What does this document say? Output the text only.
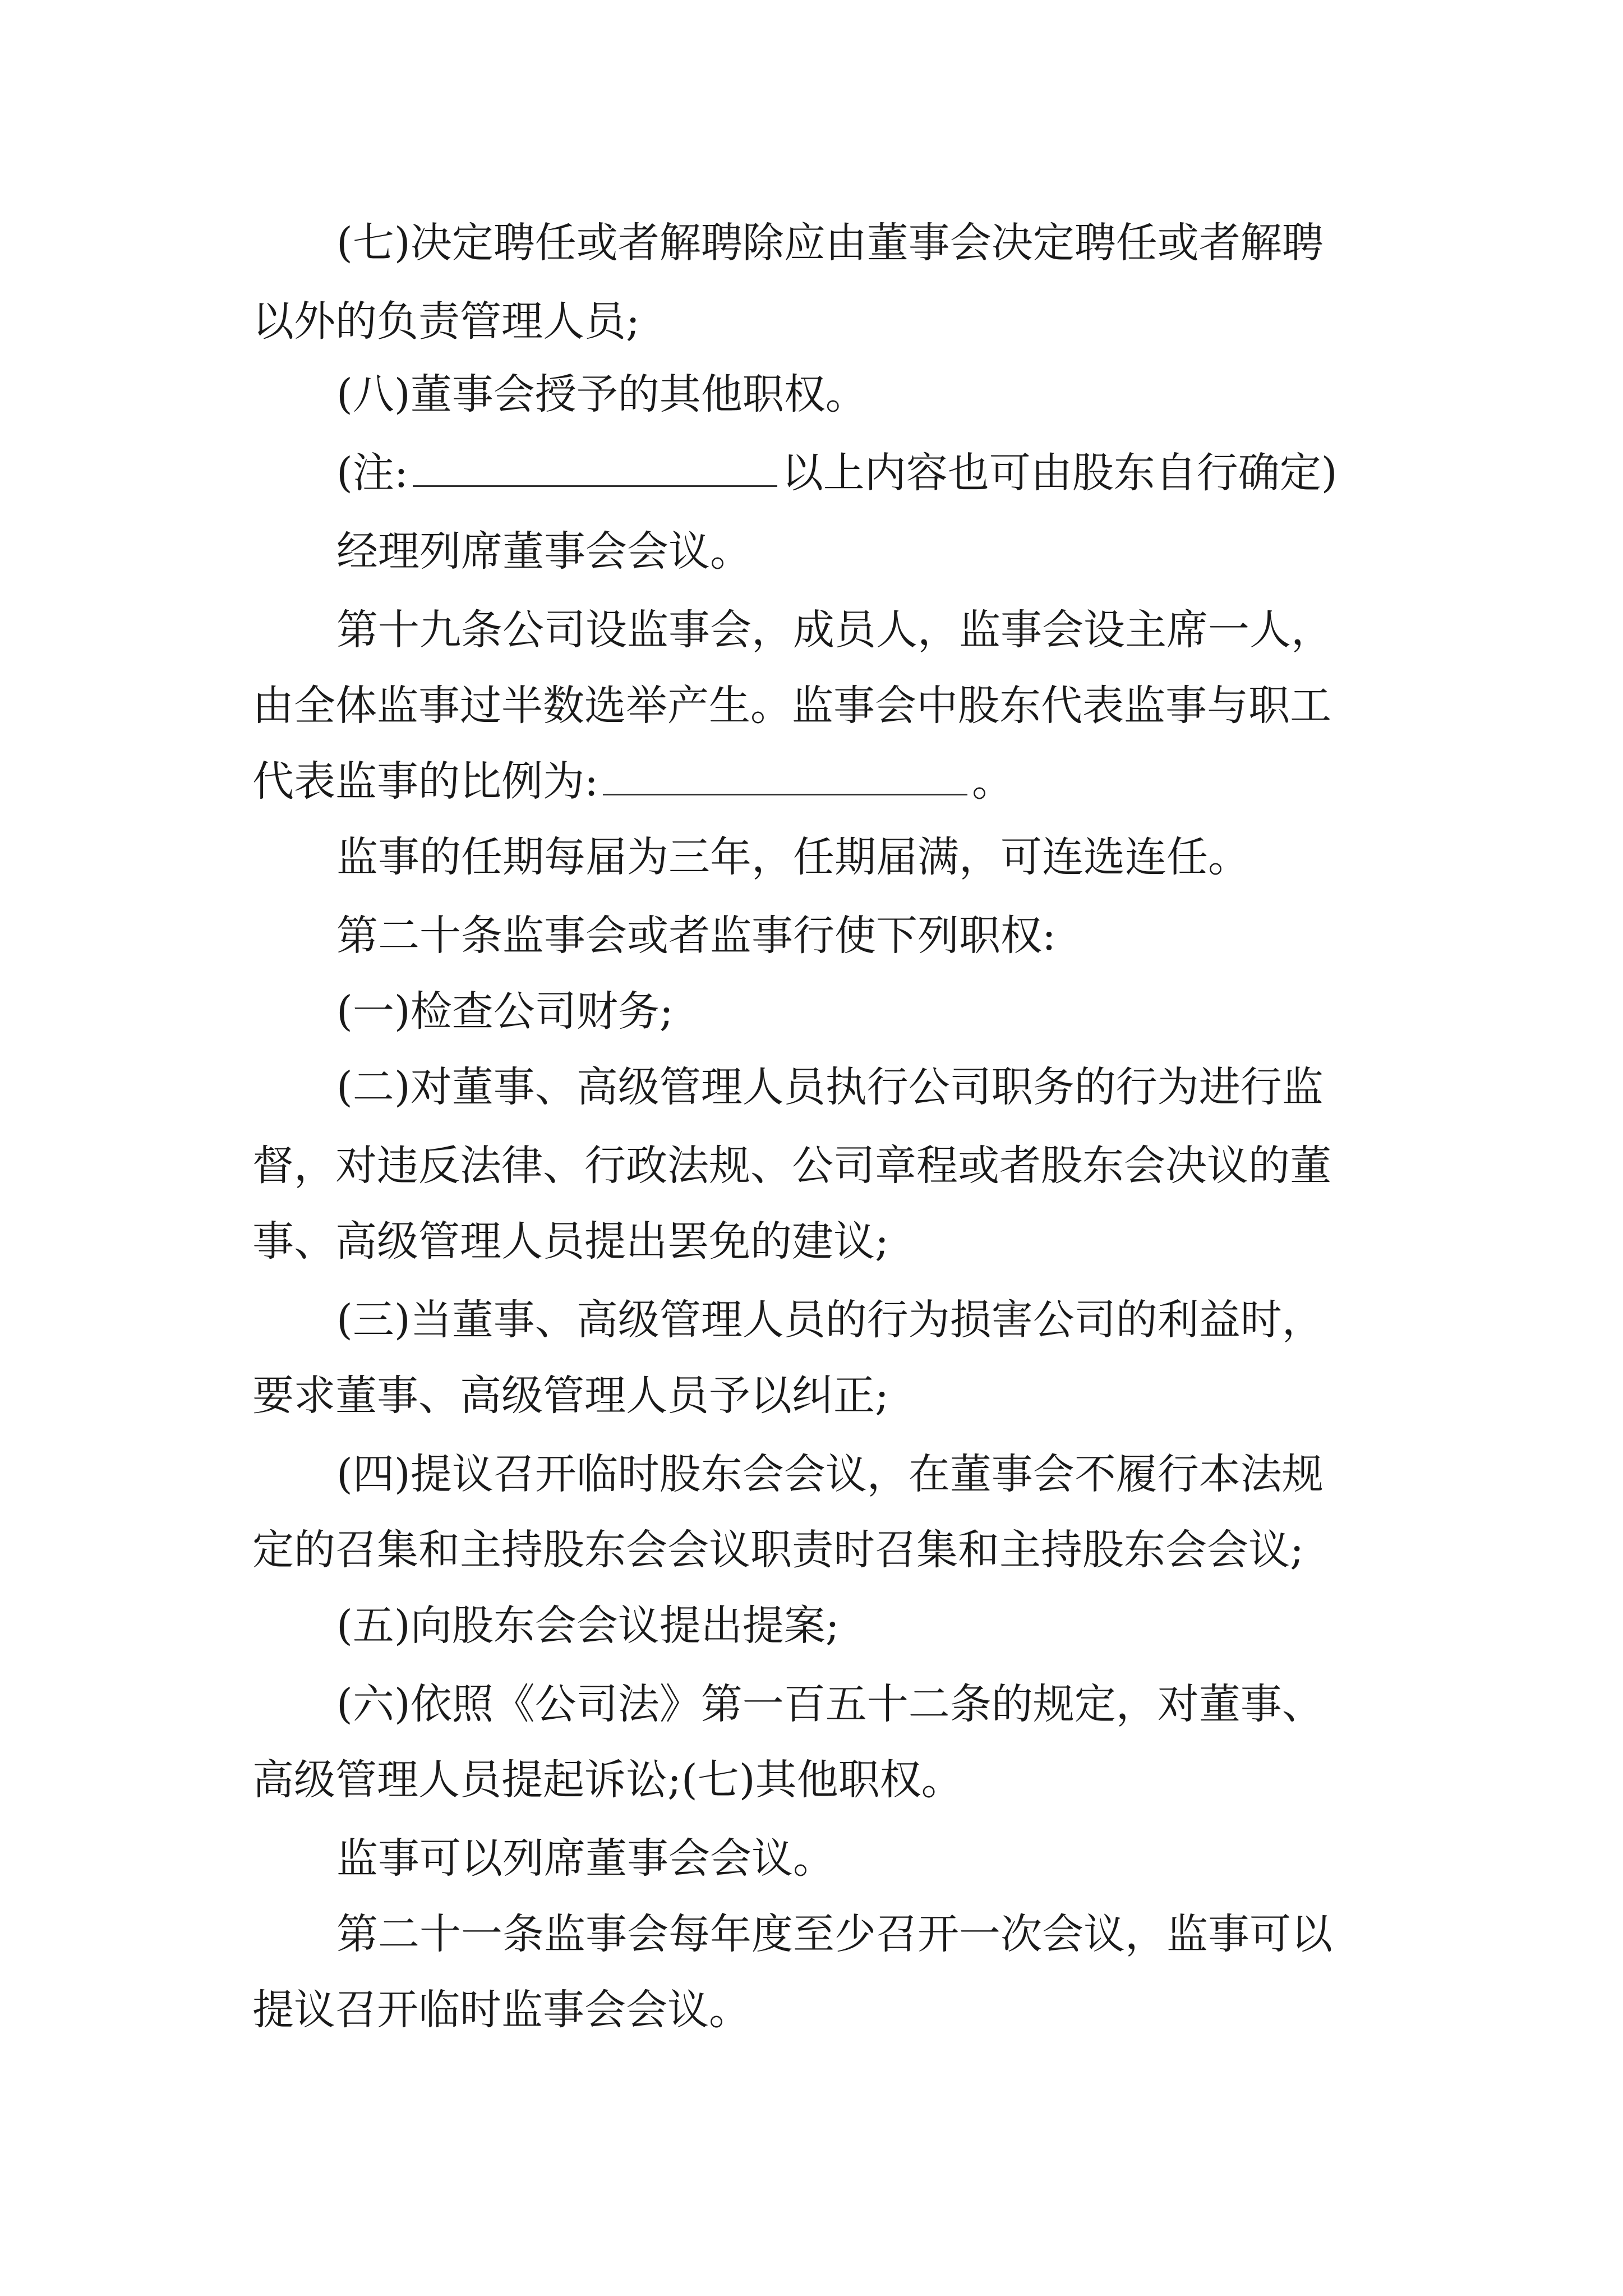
(七)决定聘任或者解聘除应由董事会决定聘任或者解聘

以外的负责管理人员;

(八)董事会授予的其他职权。

(注:	以上内容也可由股东自行确定)

经理列席董事会会议。

第十九条公司设监事会，成员人，监事会设主席一人，

由全体监事过半数选举产生。监事会中股东代表监事与职工

代表监事的比例为:	。

监事的任期每届为三年，任期届满，可连选连任。

第二十条监事会或者监事行使下列职权:

(一)检查公司财务;

(二)对董事、高级管理人员执行公司职务的行为进行监

督，对违反法律、行政法规、公司章程或者股东会决议的董

事、高级管理人员提出罢免的建议;

(三)当董事、高级管理人员的行为损害公司的利益时，

要求董事、高级管理人员予以纠正;

(四)提议召开临时股东会会议，在董事会不履行本法规

定的召集和主持股东会会议职责时召集和主持股东会会议;

(五)向股东会会议提出提案;

(六)依照《公司法》第一百五十二条的规定，对董事、

高级管理人员提起诉讼;(七)其他职权。

监事可以列席董事会会议。

第二十一条监事会每年度至少召开一次会议，监事可以

提议召开临时监事会会议。
